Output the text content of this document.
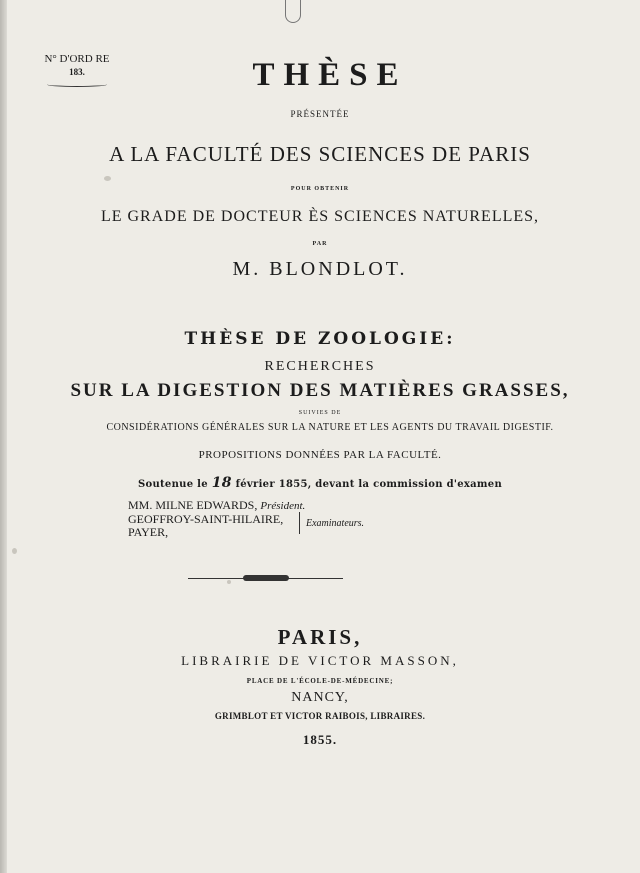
N° D'ORD RE
183.	THÈSE
PRÉSENTÉE
A LA FACULTÉ DES SCIENCES DE PARIS
POUR OBTENIR
LE GRADE DE DOCTEUR ÈS SCIENCES NATURELLES,
PAR
M. BLONDLOT.
THÈSE DE ZOOLOGIE:
RECHERCHES
SUR LA DIGESTION DES MATIÈRES GRASSES,
SUIVIES DE
CONSIDÉRATIONS GÉNÉRALES SUR LA NATURE ET LES AGENTS DU TRAVAIL DIGESTIF.
PROPOSITIONS DONNÉES PAR LA FACULTÉ.
Soutenue le 18 février 1855, devant la commission d'examen
MM. MILNE EDWARDS, Président.
GEOFFROY-SAINT-HILAIRE,
PAYER,
Examinateurs.
PARIS,
LIBRAIRIE DE VICTOR MASSON,
PLACE DE L'ÉCOLE-DE-MÉDECINE;
NANCY,
GRIMBLOT ET VICTOR RAIBOIS, LIBRAIRES.
1855.
